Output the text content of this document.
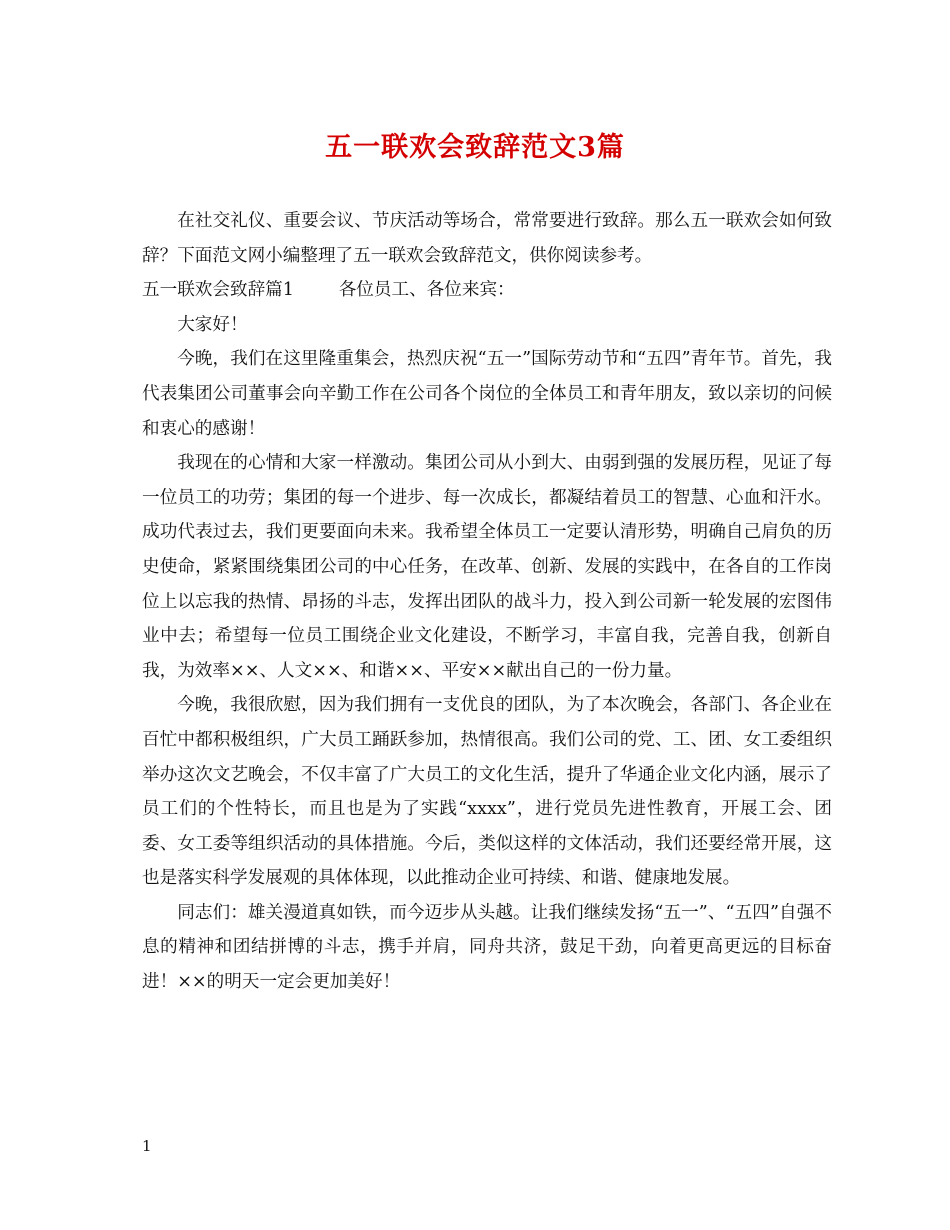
五一联欢会致辞范文3篇

在社交礼仪、重要会议、节庆活动等场合，常常要进行致辞。那么五一联欢会如何致辞？下面范文网小编整理了五一联欢会致辞范文，供你阅读参考。

五一联欢会致辞篇1	各位员工、各位来宾：

大家好！

今晚，我们在这里隆重集会，热烈庆祝“五一”国际劳动节和“五四”青年节。首先，我代表集团公司董事会向辛勤工作在公司各个岗位的全体员工和青年朋友，致以亲切的问候和衷心的感谢！

我现在的心情和大家一样激动。集团公司从小到大、由弱到强的发展历程，见证了每一位员工的功劳；集团的每一个进步、每一次成长，都凝结着员工的智慧、心血和汗水。成功代表过去，我们更要面向未来。我希望全体员工一定要认清形势，明确自己肩负的历史使命，紧紧围绕集团公司的中心任务，在改革、创新、发展的实践中，在各自的工作岗位上以忘我的热情、昂扬的斗志，发挥出团队的战斗力，投入到公司新一轮发展的宏图伟业中去；希望每一位员工围绕企业文化建设，不断学习，丰富自我，完善自我，创新自我，为效率××、人文××、和谐××、平安××献出自己的一份力量。

今晚，我很欣慰，因为我们拥有一支优良的团队，为了本次晚会，各部门、各企业在百忙中都积极组织，广大员工踊跃参加，热情很高。我们公司的党、工、团、女工委组织举办这次文艺晚会，不仅丰富了广大员工的文化生活，提升了华通企业文化内涵，展示了员工们的个性特长，而且也是为了实践“xxxx”，进行党员先进性教育，开展工会、团委、女工委等组织活动的具体措施。今后，类似这样的文体活动，我们还要经常开展，这也是落实科学发展观的具体体现，以此推动企业可持续、和谐、健康地发展。

同志们：雄关漫道真如铁，而今迈步从头越。让我们继续发扬“五一”、“五四”自强不息的精神和团结拼博的斗志，携手并肩，同舟共济，鼓足干劲，向着更高更远的目标奋进！××的明天一定会更加美好！

1
